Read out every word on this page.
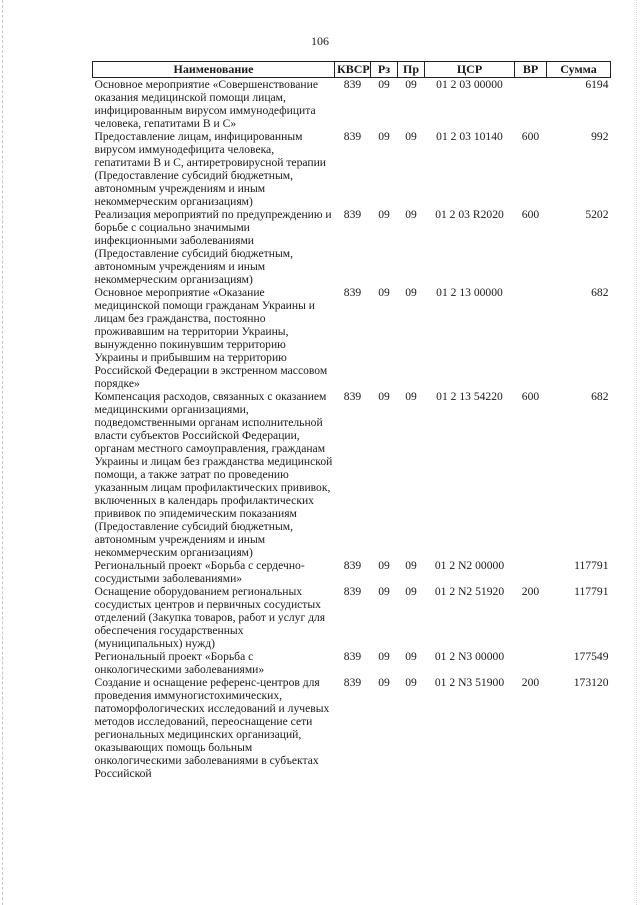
106
Наименование	КВСР	Рз	Пр	ЦСР	ВР	Сумма
Основное мероприятие «Совершенствование оказания медицинской помощи лицам, инфицированным вирусом иммунодефицита человека, гепатитами В и С»	839	09	09	01 2 03 00000		6194
Предоставление лицам, инфицированным вирусом иммунодефицита человека, гепатитами В и С, антиретровирусной терапии (Предоставление субсидий бюджетным, автономным учреждениям и иным некоммерческим организациям)	839	09	09	01 2 03 10140	600	992
Реализация мероприятий по предупреждению и борьбе с социально значимыми инфекционными заболеваниями (Предоставление субсидий бюджетным, автономным учреждениям и иным некоммерческим организациям)	839	09	09	01 2 03 R2020	600	5202
Основное мероприятие «Оказание медицинской помощи гражданам Украины и лицам без гражданства, постоянно проживавшим на территории Украины, вынужденно покинувшим территорию Украины и прибывшим на территорию Российской Федерации в экстренном массовом порядке»	839	09	09	01 2 13 00000		682
Компенсация расходов, связанных с оказанием медицинскими организациями, подведомственными органам исполнительной власти субъектов Российской Федерации, органам местного самоуправления, гражданам Украины и лицам без гражданства медицинской помощи, а также затрат по проведению указанным лицам профилактических прививок, включенных в календарь профилактических прививок по эпидемическим показаниям (Предоставление субсидий бюджетным, автономным учреждениям и иным некоммерческим организациям)	839	09	09	01 2 13 54220	600	682
Региональный проект «Борьба с сердечно-сосудистыми заболеваниями»	839	09	09	01 2 N2 00000		117791
Оснащение оборудованием региональных сосудистых центров и первичных сосудистых отделений (Закупка товаров, работ и услуг для обеспечения государственных (муниципальных) нужд)	839	09	09	01 2 N2 51920	200	117791
Региональный проект «Борьба с онкологическими заболеваниями»	839	09	09	01 2 N3 00000		177549
Создание и оснащение референс-центров для проведения иммуногистохимических, патоморфологических исследований и лучевых методов исследований, переоснащение сети региональных медицинских организаций, оказывающих помощь больным онкологическими заболеваниями в субъектах Российской	839	09	09	01 2 N3 51900	200	173120
